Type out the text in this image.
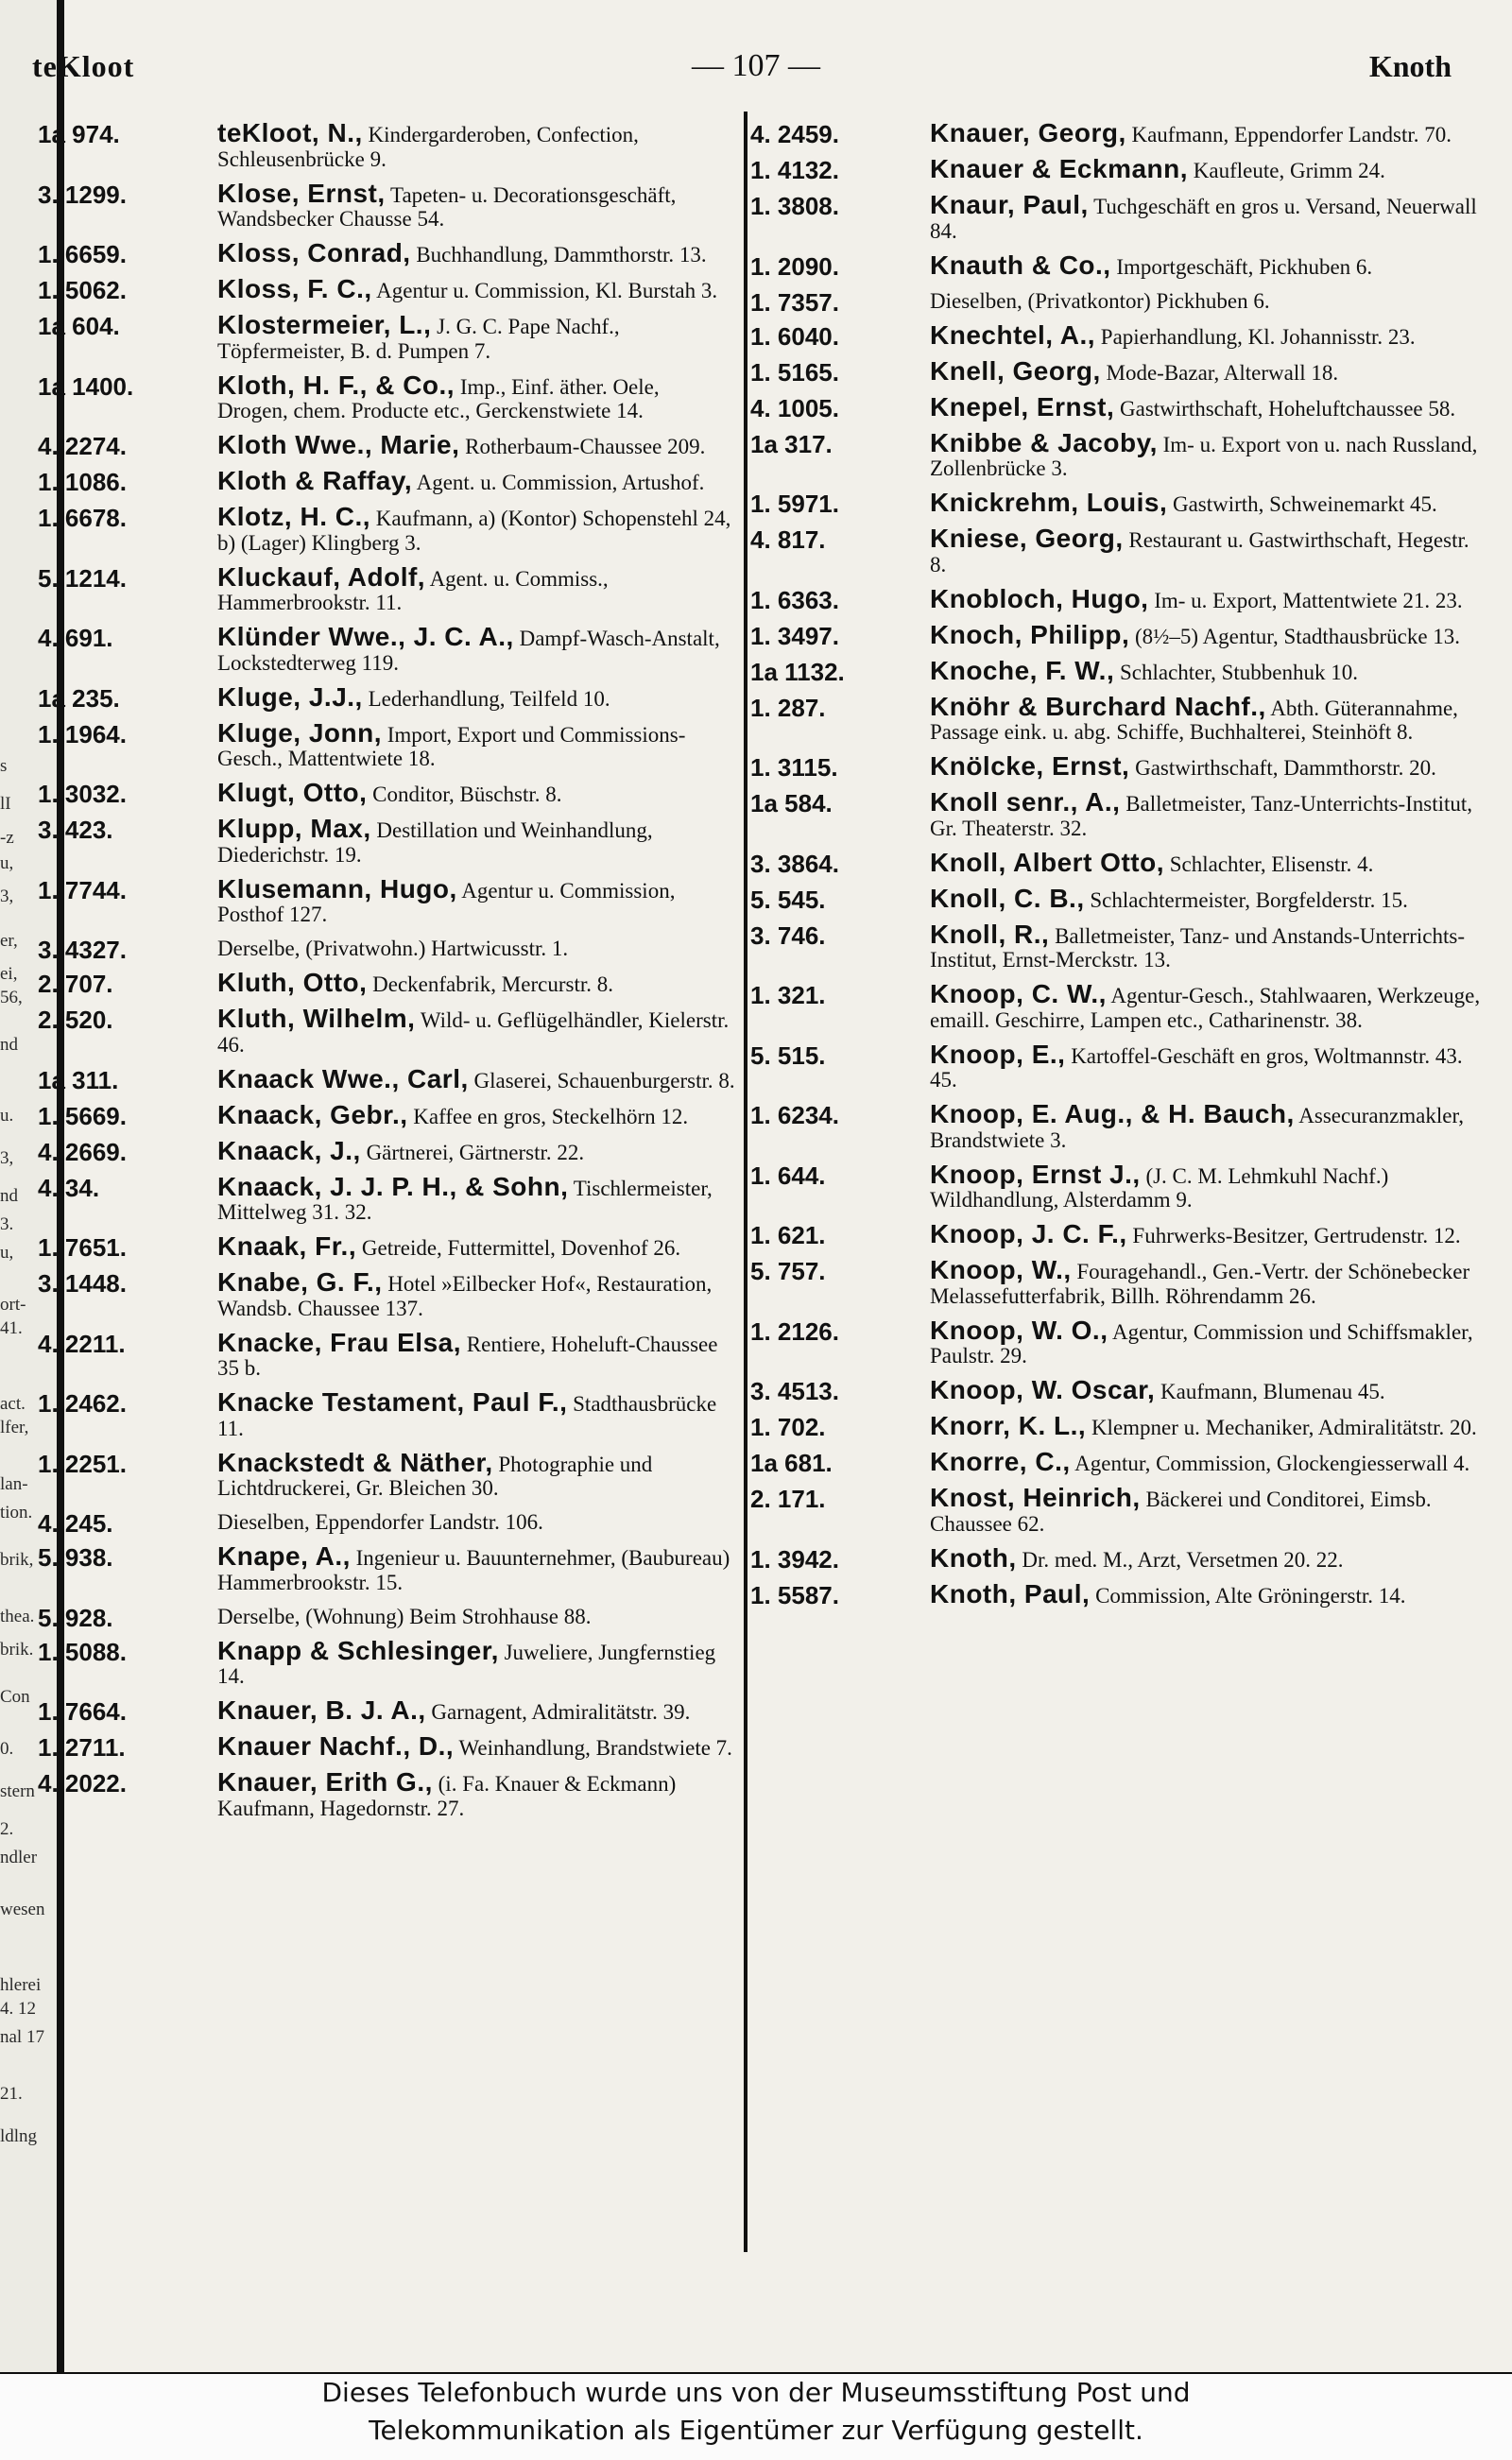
s
lI
-z
u,
3,
er,
ei,
56,
nd
u.
3,
nd
3.
u,
ort-
41.
act.
lfer,
lan-
tion.
brik,
thea.
brik.
Con
0.
stern
2.
ndler
wesen
hlerei
4. 12
nal 17
21.
ldlng
teKloot	— 107 —	Knoth
1a 974.	teKloot, N., Kindergarderoben, Confection, Schleusenbrücke 9.
3. 1299.	Klose, Ernst, Tapeten- u. Decorationsgeschäft, Wandsbecker Chausse 54.
1. 6659.	Kloss, Conrad, Buchhandlung, Dammthorstr. 13.
1. 5062.	Kloss, F. C., Agentur u. Commission, Kl. Burstah 3.
1a 604.	Klostermeier, L., J. G. C. Pape Nachf., Töpfermeister, B. d. Pumpen 7.
1a 1400.	Kloth, H. F., & Co., Imp., Einf. äther. Oele, Drogen, chem. Producte etc., Gerckenstwiete 14.
4. 2274.	Kloth Wwe., Marie, Rotherbaum-Chaussee 209.
1. 1086.	Kloth & Raffay, Agent. u. Commission, Artushof.
1. 6678.	Klotz, H. C., Kaufmann, a) (Kontor) Schopenstehl 24, b) (Lager) Klingberg 3.
5. 1214.	Kluckauf, Adolf, Agent. u. Commiss., Hammerbrookstr. 11.
4. 691.	Klünder Wwe., J. C. A., Dampf-Wasch-Anstalt, Lockstedterweg 119.
1a 235.	Kluge, J.J., Lederhandlung, Teilfeld 10.
1. 1964.	Kluge, Jonn, Import, Export und Commissions-Gesch., Mattentwiete 18.
1. 3032.	Klugt, Otto, Conditor, Büschstr. 8.
3. 423.	Klupp, Max, Destillation und Weinhandlung, Diederichstr. 19.
1. 7744.	Klusemann, Hugo, Agentur u. Commission, Posthof 127.
3. 4327.	Derselbe, (Privatwohn.) Hartwicusstr. 1.
2. 707.	Kluth, Otto, Deckenfabrik, Mercurstr. 8.
2. 520.	Kluth, Wilhelm, Wild- u. Geflügelhändler, Kielerstr. 46.
1a 311.	Knaack Wwe., Carl, Glaserei, Schauenburgerstr. 8.
1. 5669.	Knaack, Gebr., Kaffee en gros, Steckelhörn 12.
4. 2669.	Knaack, J., Gärtnerei, Gärtnerstr. 22.
4. 34.	Knaack, J. J. P. H., & Sohn, Tischlermeister, Mittelweg 31. 32.
1. 7651.	Knaak, Fr., Getreide, Futtermittel, Dovenhof 26.
3. 1448.	Knabe, G. F., Hotel »Eilbecker Hof«, Restauration, Wandsb. Chaussee 137.
4. 2211.	Knacke, Frau Elsa, Rentiere, Hoheluft-Chaussee 35 b.
1. 2462.	Knacke Testament, Paul F., Stadthausbrücke 11.
1. 2251.	Knackstedt & Näther, Photographie und Lichtdruckerei, Gr. Bleichen 30.
4. 245.	Dieselben, Eppendorfer Landstr. 106.
5. 938.	Knape, A., Ingenieur u. Bauunternehmer, (Baubureau) Hammerbrookstr. 15.
5. 928.	Derselbe, (Wohnung) Beim Strohhause 88.
1. 5088.	Knapp & Schlesinger, Juweliere, Jungfernstieg 14.
1. 7664.	Knauer, B. J. A., Garnagent, Admiralitätstr. 39.
1. 2711.	Knauer Nachf., D., Weinhandlung, Brandstwiete 7.
4. 2022.	Knauer, Erith G., (i. Fa. Knauer & Eckmann) Kaufmann, Hagedornstr. 27.
4. 2459.	Knauer, Georg, Kaufmann, Eppendorfer Landstr. 70.
1. 4132.	Knauer & Eckmann, Kaufleute, Grimm 24.
1. 3808.	Knaur, Paul, Tuchgeschäft en gros u. Versand, Neuerwall 84.
1. 2090.	Knauth & Co., Importgeschäft, Pickhuben 6.
1. 7357.	Dieselben, (Privatkontor) Pickhuben 6.
1. 6040.	Knechtel, A., Papierhandlung, Kl. Johannisstr. 23.
1. 5165.	Knell, Georg, Mode-Bazar, Alterwall 18.
4. 1005.	Knepel, Ernst, Gastwirthschaft, Hoheluftchaussee 58.
1a 317.	Knibbe & Jacoby, Im- u. Export von u. nach Russland, Zollenbrücke 3.
1. 5971.	Knickrehm, Louis, Gastwirth, Schweinemarkt 45.
4. 817.	Kniese, Georg, Restaurant u. Gastwirthschaft, Hegestr. 8.
1. 6363.	Knobloch, Hugo, Im- u. Export, Mattentwiete 21. 23.
1. 3497.	Knoch, Philipp, (8½–5) Agentur, Stadthausbrücke 13.
1a 1132.	Knoche, F. W., Schlachter, Stubbenhuk 10.
1. 287.	Knöhr & Burchard Nachf., Abth. Güterannahme, Passage eink. u. abg. Schiffe, Buchhalterei, Steinhöft 8.
1. 3115.	Knölcke, Ernst, Gastwirthschaft, Dammthorstr. 20.
1a 584.	Knoll senr., A., Balletmeister, Tanz-Unterrichts-Institut, Gr. Theaterstr. 32.
3. 3864.	Knoll, Albert Otto, Schlachter, Elisenstr. 4.
5. 545.	Knoll, C. B., Schlachtermeister, Borgfelderstr. 15.
3. 746.	Knoll, R., Balletmeister, Tanz- und Anstands-Unterrichts-Institut, Ernst-Merckstr. 13.
1. 321.	Knoop, C. W., Agentur-Gesch., Stahlwaaren, Werkzeuge, emaill. Geschirre, Lampen etc., Catharinenstr. 38.
5. 515.	Knoop, E., Kartoffel-Geschäft en gros, Woltmannstr. 43. 45.
1. 6234.	Knoop, E. Aug., & H. Bauch, Assecuranzmakler, Brandstwiete 3.
1. 644.	Knoop, Ernst J., (J. C. M. Lehmkuhl Nachf.) Wildhandlung, Alsterdamm 9.
1. 621.	Knoop, J. C. F., Fuhrwerks-Besitzer, Gertrudenstr. 12.
5. 757.	Knoop, W., Fouragehandl., Gen.-Vertr. der Schönebecker Melassefutterfabrik, Billh. Röhrendamm 26.
1. 2126.	Knoop, W. O., Agentur, Commission und Schiffsmakler, Paulstr. 29.
3. 4513.	Knoop, W. Oscar, Kaufmann, Blumenau 45.
1. 702.	Knorr, K. L., Klempner u. Mechaniker, Admiralitätstr. 20.
1a 681.	Knorre, C., Agentur, Commission, Glockengiesserwall 4.
2. 171.	Knost, Heinrich, Bäckerei und Conditorei, Eimsb. Chaussee 62.
1. 3942.	Knoth, Dr. med. M., Arzt, Versetmen 20. 22.
1. 5587.	Knoth, Paul, Commission, Alte Gröningerstr. 14.
Dieses Telefonbuch wurde uns von der Museumsstiftung Post und
Telekommunikation als Eigentümer zur Verfügung gestellt.
